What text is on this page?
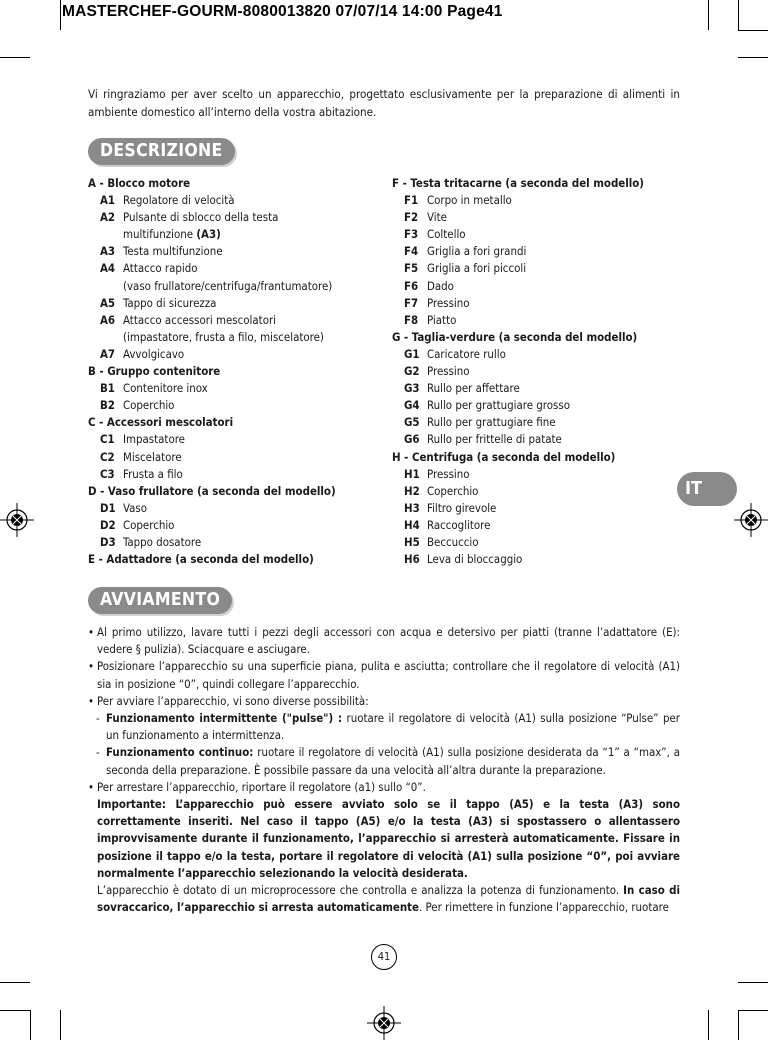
MASTERCHEF-GOURM-8080013820 07/07/14 14:00 Page41
Vi ringraziamo per aver scelto un apparecchio, progettato esclusivamente per la preparazione di alimenti in ambiente domestico all’interno della vostra abitazione.
DESCRIZIONE
A - Blocco motore
A1 Regolatore di velocità
A2 Pulsante di sblocco della testa
multifunzione (A3)
A3 Testa multifunzione
A4 Attacco rapido
(vaso frullatore/centrifuga/frantumatore)
A5 Tappo di sicurezza
A6 Attacco accessori mescolatori
(impastatore, frusta a filo, miscelatore)
A7 Avvolgicavo
B - Gruppo contenitore
B1 Contenitore inox
B2 Coperchio
C - Accessori mescolatori
C1 Impastatore
C2 Miscelatore
C3 Frusta a filo
D - Vaso frullatore (a seconda del modello)
D1 Vaso
D2 Coperchio
D3 Tappo dosatore
E - Adattadore (a seconda del modello)
F - Testa tritacarne (a seconda del modello)
F1 Corpo in metallo
F2 Vite
F3 Coltello
F4 Griglia a fori grandi
F5 Griglia a fori piccoli
F6 Dado
F7 Pressino
F8 Piatto
G - Taglia-verdure (a seconda del modello)
G1 Caricatore rullo
G2 Pressino
G3 Rullo per affettare
G4 Rullo per grattugiare grosso
G5 Rullo per grattugiare fine
G6 Rullo per frittelle di patate
H - Centrifuga (a seconda del modello)
H1 Pressino
H2 Coperchio
H3 Filtro girevole
H4 Raccoglitore
H5 Beccuccio
H6 Leva di bloccaggio
IT
AVVIAMENTO
• Al primo utilizzo, lavare tutti i pezzi degli accessori con acqua e detersivo per piatti (tranne l’adattatore (E): vedere § pulizia). Sciacquare e asciugare.
• Posizionare l’apparecchio su una superficie piana, pulita e asciutta; controllare che il regolatore di velocità (A1) sia in posizione “0”, quindi collegare l’apparecchio.
• Per avviare l’apparecchio, vi sono diverse possibilità:
- Funzionamento intermittente ("pulse") : ruotare il regolatore di velocità (A1) sulla posizione “Pulse” per un funzionamento a intermittenza.
- Funzionamento continuo: ruotare il regolatore di velocità (A1) sulla posizione desiderata da “1” a “max”, a seconda della preparazione. È possibile passare da una velocità all’altra durante la preparazione.
• Per arrestare l’apparecchio, riportare il regolatore (a1) sullo “0”.
Importante: L’apparecchio può essere avviato solo se il tappo (A5) e la testa (A3) sono correttamente inseriti. Nel caso il tappo (A5) e/o la testa (A3) si spostassero o allentassero improvvisamente durante il funzionamento, l’apparecchio si arresterà automaticamente. Fissare in posizione il tappo e/o la testa, portare il regolatore di velocità (A1) sulla posizione “0”, poi avviare normalmente l’apparecchio selezionando la velocità desiderata.
L’apparecchio è dotato di un microprocessore che controlla e analizza la potenza di funzionamento. In caso di sovraccarico, l’apparecchio si arresta automaticamente. Per rimettere in funzione l’apparecchio, ruotare
41
